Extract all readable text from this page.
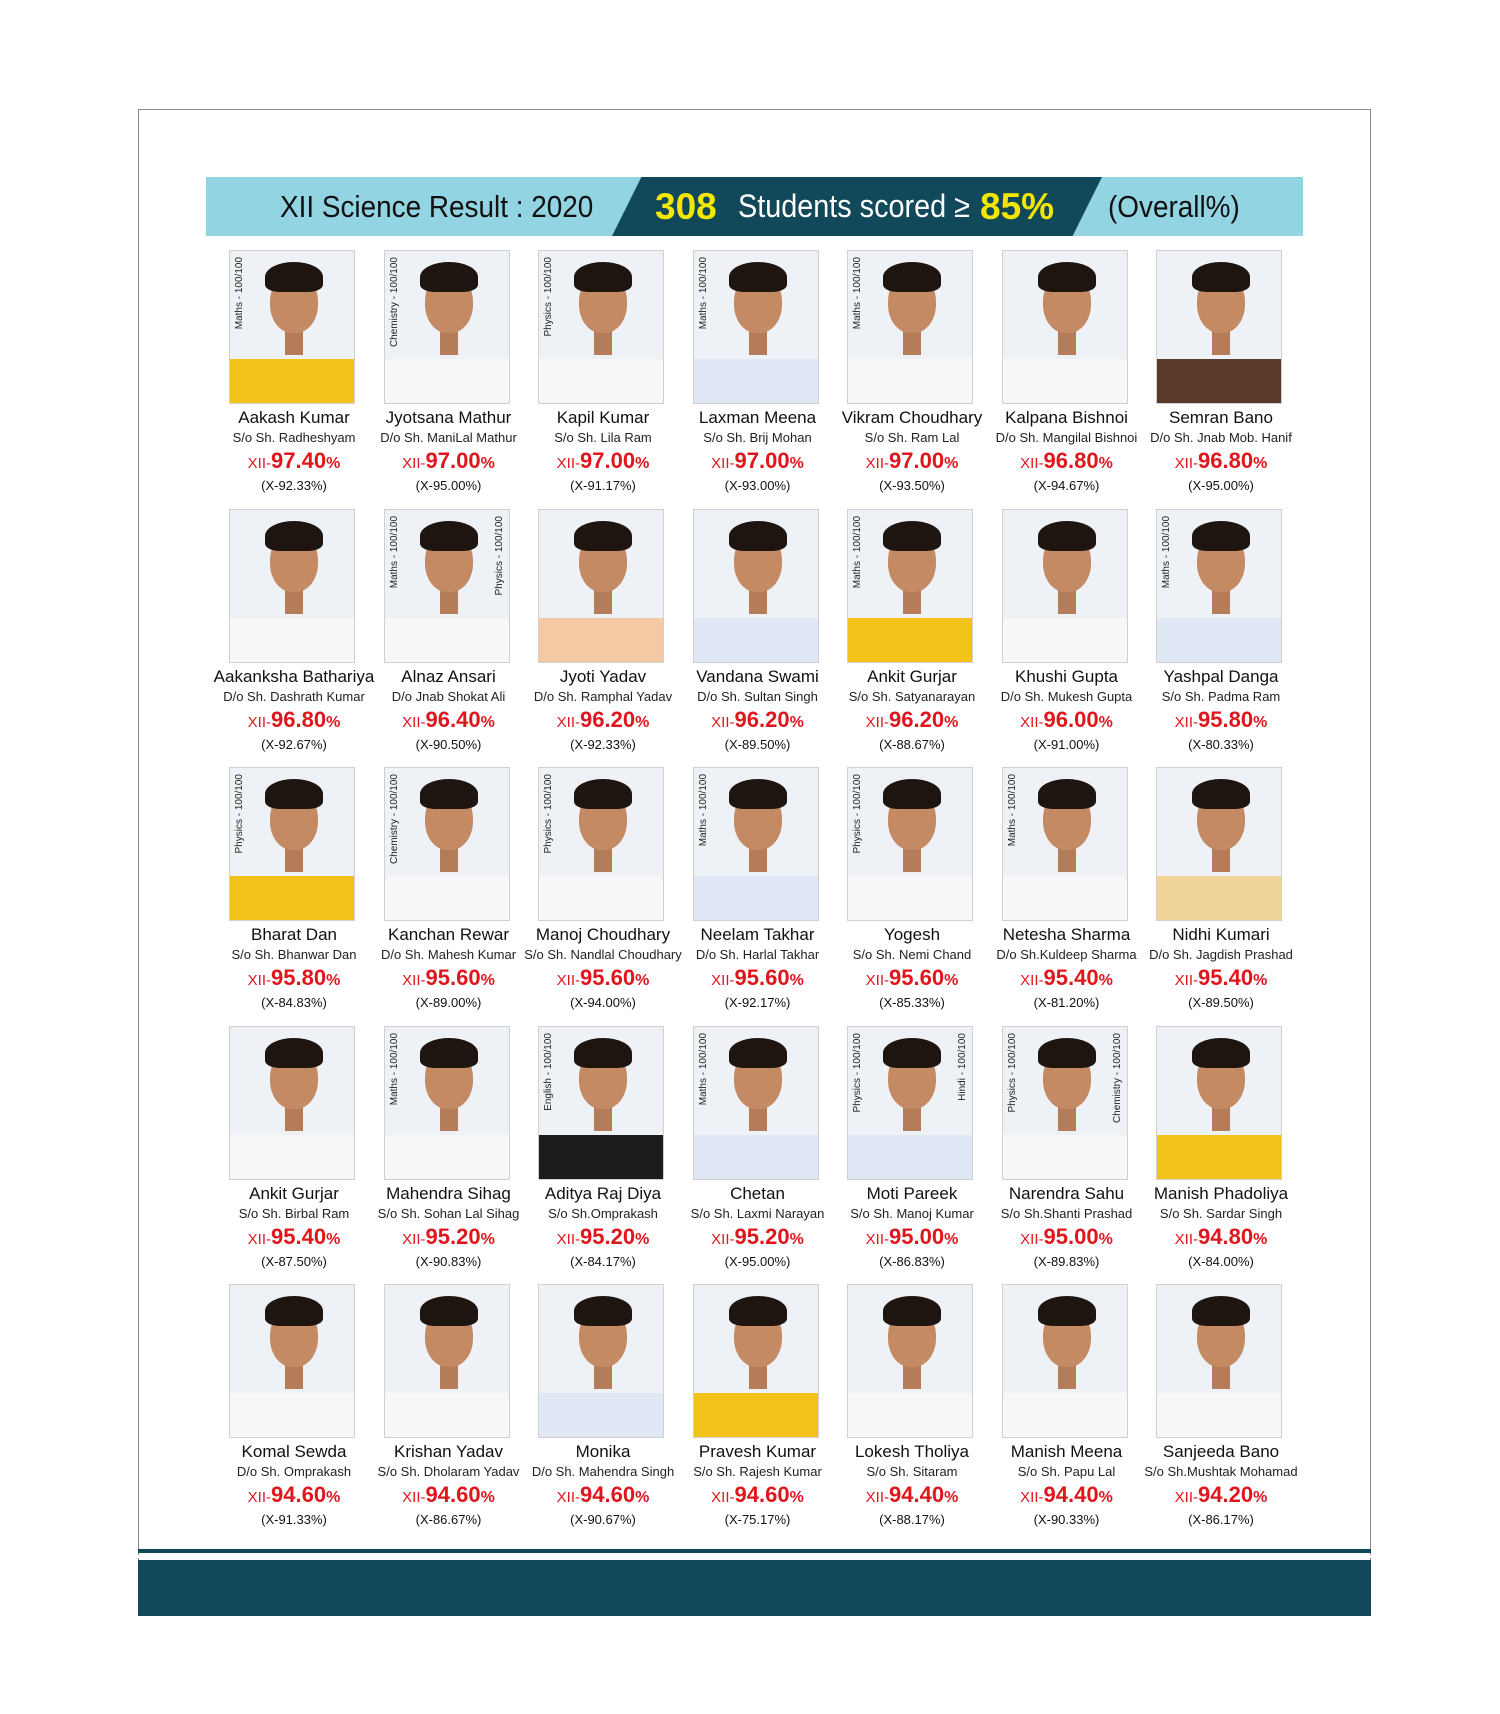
XII Science Result : 2020 308 Students scored ≥ 85% (Overall%)
Maths - 100/100
Aakash Kumar
S/o Sh. Radheshyam
XII-97.40%
(X-92.33%)
Chemistry - 100/100
Jyotsana Mathur
D/o Sh. ManiLal Mathur
XII-97.00%
(X-95.00%)
Physics - 100/100
Kapil Kumar
S/o Sh. Lila Ram
XII-97.00%
(X-91.17%)
Maths - 100/100
Laxman Meena
S/o Sh. Brij Mohan
XII-97.00%
(X-93.00%)
Maths - 100/100
Vikram Choudhary
S/o Sh. Ram Lal
XII-97.00%
(X-93.50%)
Kalpana Bishnoi
D/o Sh. Mangilal Bishnoi
XII-96.80%
(X-94.67%)
Semran Bano
D/o Sh. Jnab Mob. Hanif
XII-96.80%
(X-95.00%)
Aakanksha Bathariya
D/o Sh. Dashrath Kumar
XII-96.80%
(X-92.67%)
Maths - 100/100	Physics - 100/100
Alnaz Ansari
D/o Jnab Shokat Ali
XII-96.40%
(X-90.50%)
Jyoti Yadav
D/o Sh. Ramphal Yadav
XII-96.20%
(X-92.33%)
Vandana Swami
D/o Sh. Sultan Singh
XII-96.20%
(X-89.50%)
Maths - 100/100
Ankit Gurjar
S/o Sh. Satyanarayan
XII-96.20%
(X-88.67%)
Khushi Gupta
D/o Sh. Mukesh Gupta
XII-96.00%
(X-91.00%)
Maths - 100/100
Yashpal Danga
S/o Sh. Padma Ram
XII-95.80%
(X-80.33%)
Physics - 100/100
Bharat Dan
S/o Sh. Bhanwar Dan
XII-95.80%
(X-84.83%)
Chemistry - 100/100
Kanchan Rewar
D/o Sh. Mahesh Kumar
XII-95.60%
(X-89.00%)
Physics - 100/100
Manoj Choudhary
S/o Sh. Nandlal Choudhary
XII-95.60%
(X-94.00%)
Maths - 100/100
Neelam Takhar
D/o Sh. Harlal Takhar
XII-95.60%
(X-92.17%)
Physics - 100/100
Yogesh
S/o Sh. Nemi Chand
XII-95.60%
(X-85.33%)
Maths - 100/100
Netesha Sharma
D/o Sh.Kuldeep Sharma
XII-95.40%
(X-81.20%)
Nidhi Kumari
D/o Sh. Jagdish Prashad
XII-95.40%
(X-89.50%)
Ankit Gurjar
S/o Sh. Birbal Ram
XII-95.40%
(X-87.50%)
Maths - 100/100
Mahendra Sihag
S/o Sh. Sohan Lal Sihag
XII-95.20%
(X-90.83%)
English - 100/100
Aditya Raj Diya
S/o Sh.Omprakash
XII-95.20%
(X-84.17%)
Maths - 100/100
Chetan
S/o Sh. Laxmi Narayan
XII-95.20%
(X-95.00%)
Physics - 100/100	Hindi - 100/100
Moti Pareek
S/o Sh. Manoj Kumar
XII-95.00%
(X-86.83%)
Physics - 100/100	Chemistry - 100/100
Narendra Sahu
S/o Sh.Shanti Prashad
XII-95.00%
(X-89.83%)
Manish Phadoliya
S/o Sh. Sardar Singh
XII-94.80%
(X-84.00%)
Komal Sewda
D/o Sh. Omprakash
XII-94.60%
(X-91.33%)
Krishan Yadav
S/o Sh. Dholaram Yadav
XII-94.60%
(X-86.67%)
Monika
D/o Sh. Mahendra Singh
XII-94.60%
(X-90.67%)
Pravesh Kumar
S/o Sh. Rajesh Kumar
XII-94.60%
(X-75.17%)
Lokesh Tholiya
S/o Sh. Sitaram
XII-94.40%
(X-88.17%)
Manish Meena
S/o Sh. Papu Lal
XII-94.40%
(X-90.33%)
Sanjeeda Bano
S/o Sh.Mushtak Mohamad
XII-94.20%
(X-86.17%)
